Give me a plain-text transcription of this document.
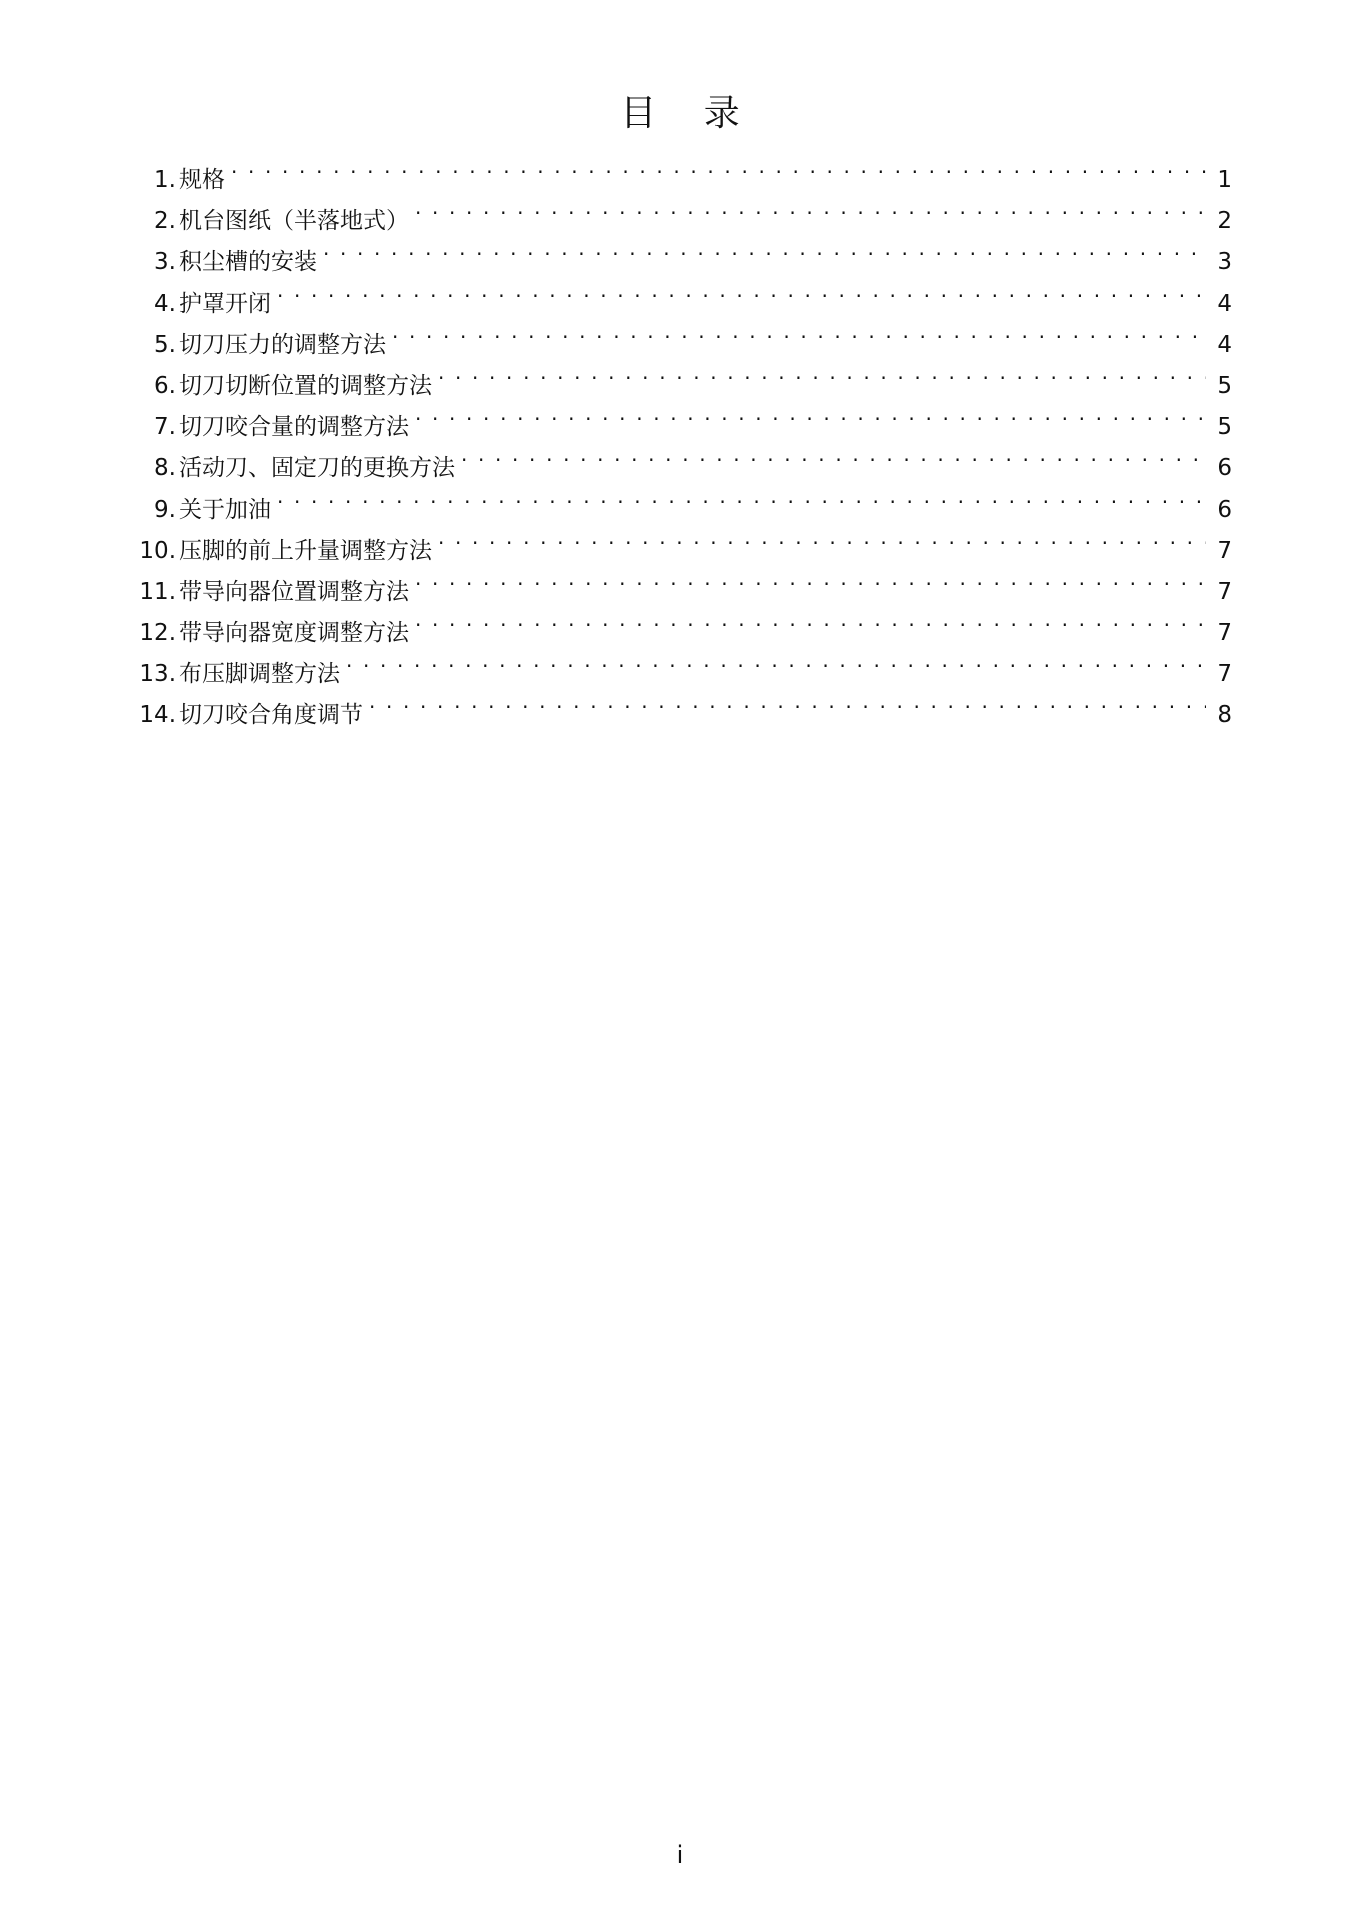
目 录
1. 规格 . . .	1
2. 机台图纸（半落地式） . . .	2
3. 积尘槽的安装 . . .	3
4. 护罩开闭 . . .	4
5. 切刀压力的调整方法 . . .	4
6. 切刀切断位置的调整方法 . . .	5
7. 切刀咬合量的调整方法 . . .	5
8. 活动刀、固定刀的更换方法 . . .	6
9. 关于加油 . . .	6
10. 压脚的前上升量调整方法 . . .	7
11. 带导向器位置调整方法 . . .	7
12. 带导向器宽度调整方法 . . .	7
13. 布压脚调整方法 . . .	7
14. 切刀咬合角度调节 . . .	8
i
